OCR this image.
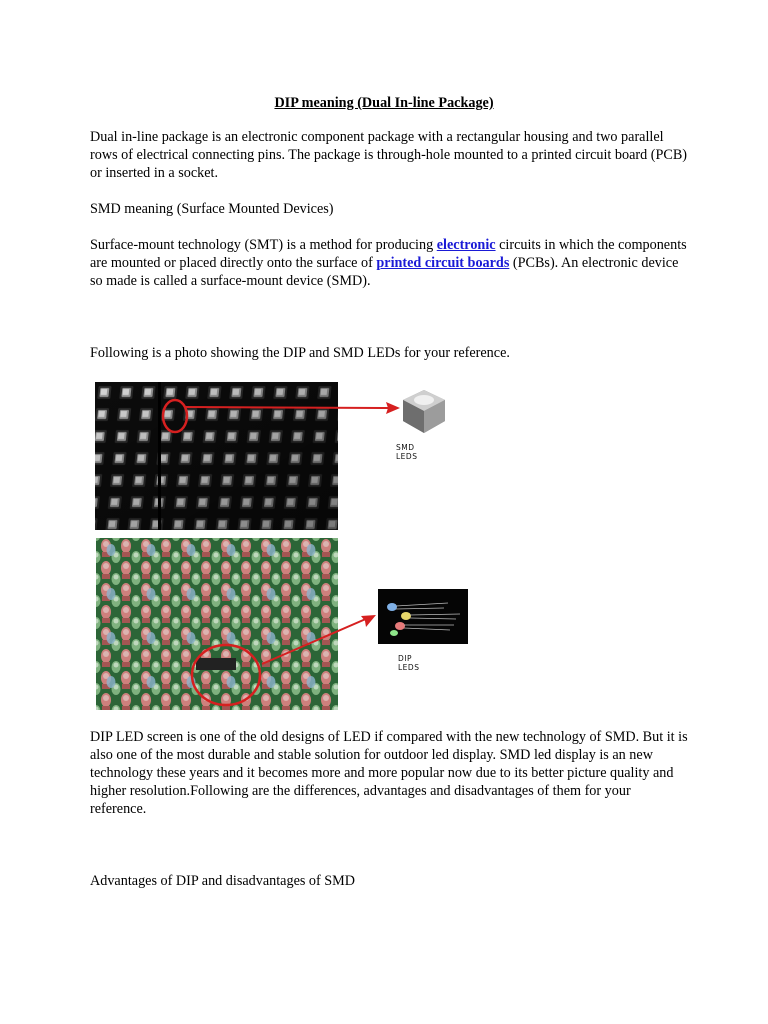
DIP meaning (Dual In-line Package)

Dual in-line package is an electronic component package with a rectangular housing and two parallel rows of electrical connecting pins. The package is through-hole mounted to a printed circuit board (PCB) or inserted in a socket.

SMD meaning (Surface Mounted Devices)

Surface-mount technology (SMT) is a method for producing electronic circuits in which the components are mounted or placed directly onto the surface of printed circuit boards (PCBs). An electronic device so made is called a surface-mount device (SMD).

Following is a photo showing the DIP and SMD LEDs for your reference.

SMD LEDS
DIP LEDS

DIP LED screen is one of the old designs of LED if compared with the new technology of SMD. But it is also one of the most durable and stable solution for outdoor led display. SMD led display is an new technology these years and it becomes more and more popular now due to its better picture quality and higher resolution.Following are the differences, advantages and disadvantages of them for your reference.

Advantages of DIP and disadvantages of SMD
